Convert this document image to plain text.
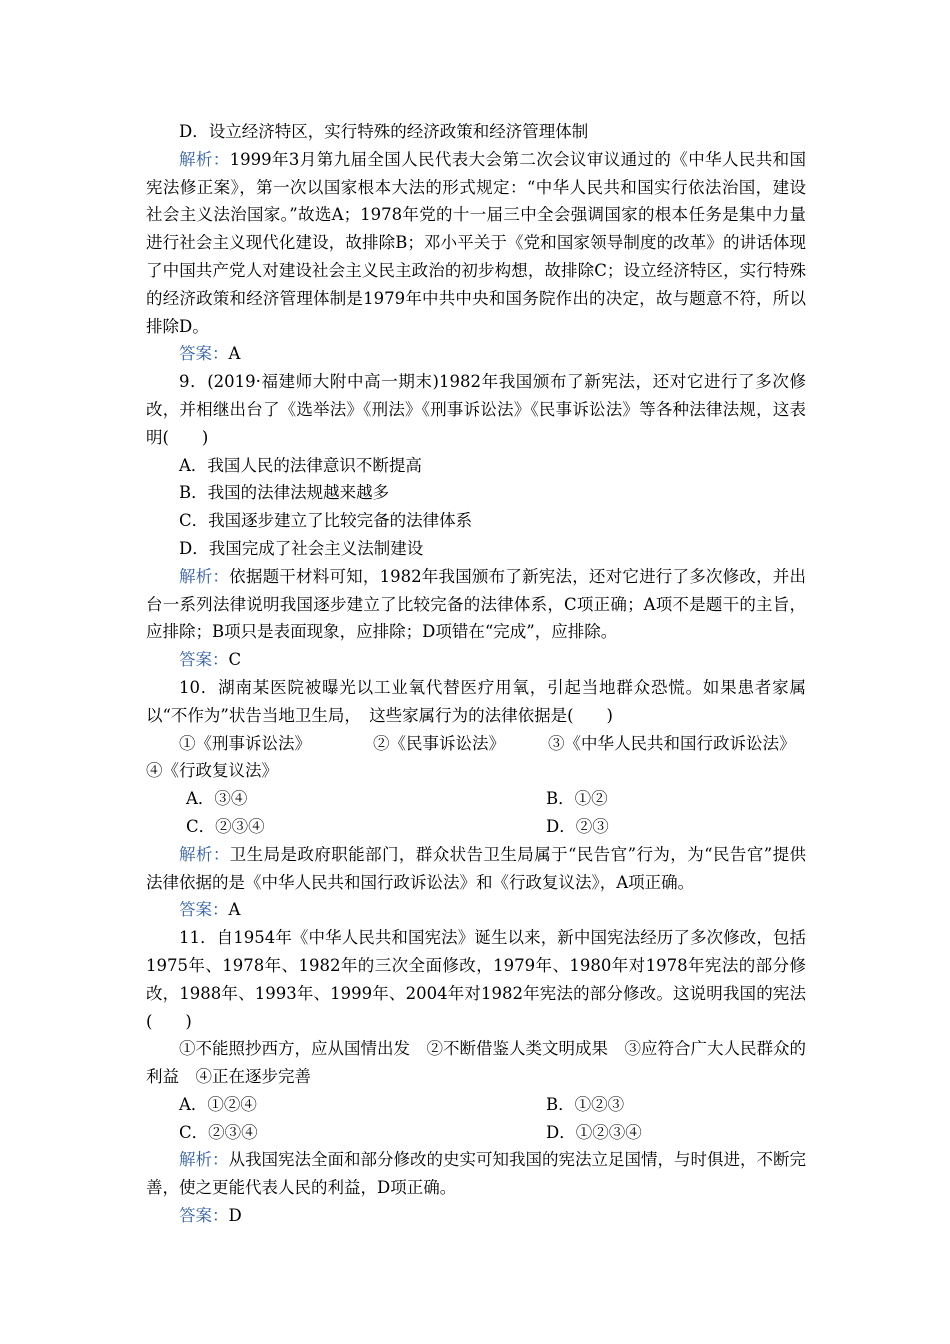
D．设立经济特区，实行特殊的经济政策和经济管理体制

解析：1999年3月第九届全国人民代表大会第二次会议审议通过的《中华人民共和国宪法修正案》，第一次以国家根本大法的形式规定：“中华人民共和国实行依法治国，建设社会主义法治国家。”故选A；1978年党的十一届三中全会强调国家的根本任务是集中力量进行社会主义现代化建设，故排除B；邓小平关于《党和国家领导制度的改革》的讲话体现了中国共产党人对建设社会主义民主政治的初步构想，故排除C；设立经济特区，实行特殊的经济政策和经济管理体制是1979年中共中央和国务院作出的决定，故与题意不符，所以排除D。

答案：A

9．(2019·福建师大附中高一期末)1982年我国颁布了新宪法，还对它进行了多次修改，并相继出台了《选举法》《刑法》《刑事诉讼法》《民事诉讼法》等各种法律法规，这表明(　　)

A．我国人民的法律意识不断提高

B．我国的法律法规越来越多

C．我国逐步建立了比较完备的法律体系

D．我国完成了社会主义法制建设

解析：依据题干材料可知，1982年我国颁布了新宪法，还对它进行了多次修改，并出台一系列法律说明我国逐步建立了比较完备的法律体系，C项正确；A项不是题干的主旨，应排除；B项只是表面现象，应排除；D项错在“完成”，应排除。

答案：C

10．湖南某医院被曝光以工业氧代替医疗用氧，引起当地群众恐慌。如果患者家属以“不作为”状告当地卫生局，　这些家属行为的法律依据是(　　)

①《刑事诉讼法》	②《民事诉讼法》	③《中华人民共和国行政诉讼法》

④《行政复议法》

A．③④	B．①②
C．②③④	D．②③

解析：卫生局是政府职能部门，群众状告卫生局属于“民告官”行为，为“民告官”提供法律依据的是《中华人民共和国行政诉讼法》和《行政复议法》，A项正确。

答案：A

11．自1954年《中华人民共和国宪法》诞生以来，新中国宪法经历了多次修改，包括1975年、1978年、1982年的三次全面修改，1979年、1980年对1978年宪法的部分修改，1988年、1993年、1999年、2004年对1982年宪法的部分修改。这说明我国的宪法(　　)

①不能照抄西方，应从国情出发　②不断借鉴人类文明成果　③应符合广大人民群众的利益　④正在逐步完善

A．①②④	B．①②③
C．②③④	D．①②③④

解析：从我国宪法全面和部分修改的史实可知我国的宪法立足国情，与时俱进，不断完善，使之更能代表人民的利益，D项正确。

答案：D
